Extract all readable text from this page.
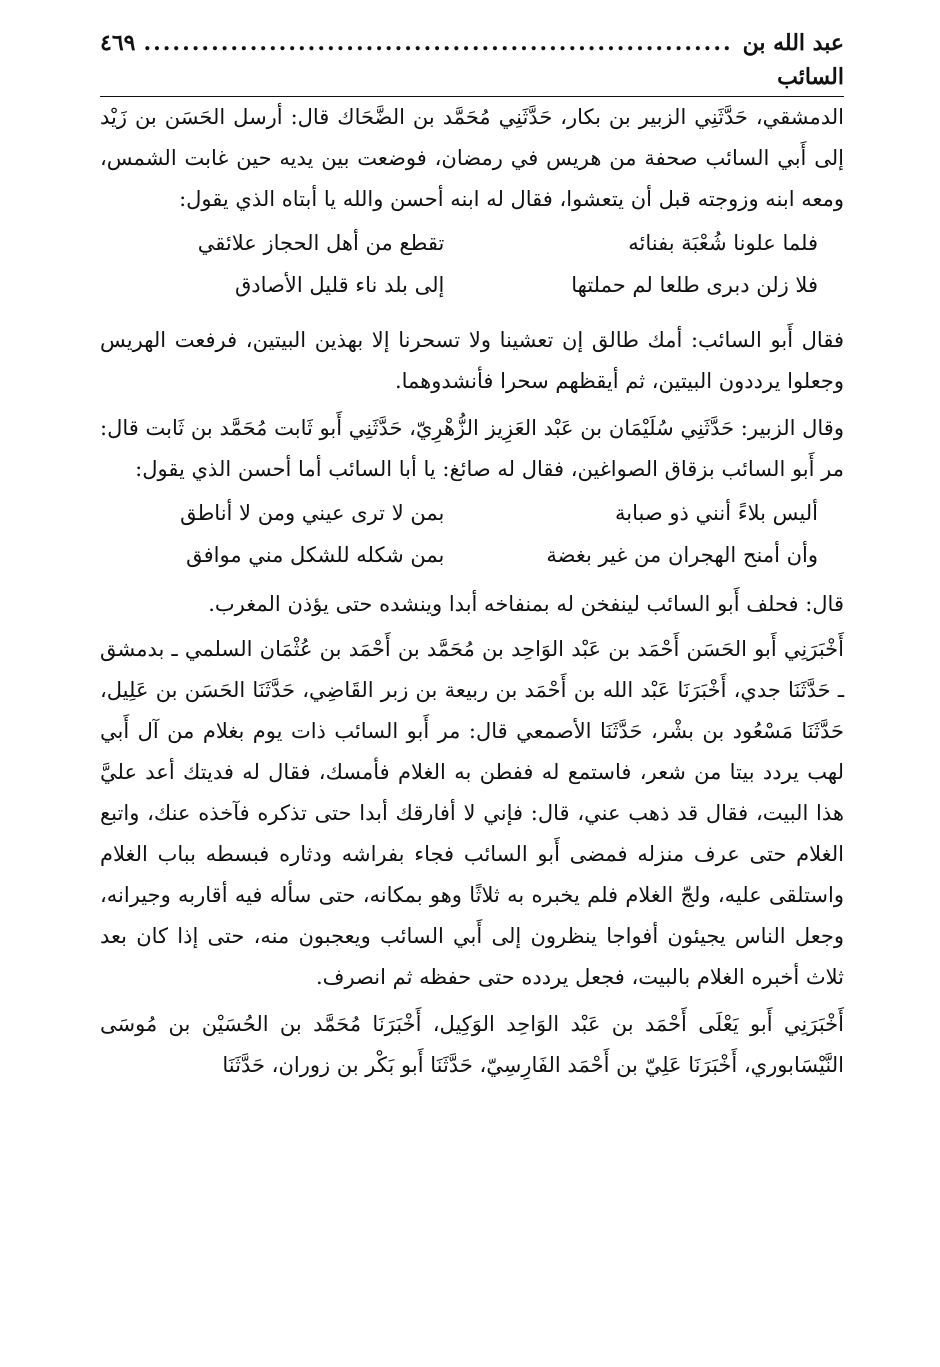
عبد الله بن السائب
.............................................................
٤٦٩

الدمشقي، حَدَّثَنِي الزبير بن بكار، حَدَّثَنِي مُحَمَّد بن الضَّحَاك قال: أرسل الحَسَن بن زَيْد إلى أَبي السائب صحفة من هريس في رمضان، فوضعت بين يديه حين غابت الشمس، ومعه ابنه وزوجته قبل أن يتعشوا، فقال له ابنه أحسن والله يا أبتاه الذي يقول:

فلما علونا شُعْبَة بفنائه
تقطع من أهل الحجاز علائقي
فلا زلن دبرى طلعا لم حملتها
إلى بلد ناء قليل الأصادق

فقال أَبو السائب: أمك طالق إن تعشينا ولا تسحرنا إلا بهذين البيتين، فرفعت الهريس وجعلوا يرددون البيتين، ثم أيقظهم سحرا فأنشدوهما.

وقال الزبير: حَدَّثَنِي سُلَيْمَان بن عَبْد العَزِيز الزُّهْرِيّ، حَدَّثَنِي أَبو ثَابت مُحَمَّد بن ثَابت قال: مر أَبو السائب بزقاق الصواغين، فقال له صائغ: يا أبا السائب أما أحسن الذي يقول:

أليس بلاءً أنني ذو صبابة
بمن لا ترى عيني ومن لا أناطق
وأن أمنح الهجران من غير بغضة
بمن شكله للشكل مني موافق

قال: فحلف أَبو السائب لينفخن له بمنفاخه أبدا وينشده حتى يؤذن المغرب.

أَخْبَرَنِي أَبو الحَسَن أَحْمَد بن عَبْد الوَاحِد بن مُحَمَّد بن أَحْمَد بن عُثْمَان السلمي ـ بدمشق ـ حَدَّثَنَا جدي، أَخْبَرَنَا عَبْد الله بن أَحْمَد بن ربيعة بن زبر القَاضِي، حَدَّثَنَا الحَسَن بن عَلِيل، حَدَّثَنَا مَسْعُود بن بشْر، حَدَّثَنَا الأصمعي قال: مر أَبو السائب ذات يوم بغلام من آل أَبي لهب يردد بيتا من شعر، فاستمع له ففطن به الغلام فأمسك، فقال له فديتك أعد عليَّ هذا البيت، فقال قد ذهب عني، قال: فإني لا أفارقك أبدا حتى تذكره فآخذه عنك، واتبع الغلام حتى عرف منزله فمضى أَبو السائب فجاء بفراشه ودثاره فبسطه بباب الغلام واستلقى عليه، ولجّ الغلام فلم يخبره به ثلاثًا وهو بمكانه، حتى سأله فيه أقاربه وجيرانه، وجعل الناس يجيئون أفواجا ينظرون إلى أَبي السائب ويعجبون منه، حتى إذا كان بعد ثلاث أخبره الغلام بالبيت، فجعل يردده حتى حفظه ثم انصرف.

أَخْبَرَنِي أَبو يَعْلَى أَحْمَد بن عَبْد الوَاحِد الوَكِيل، أَخْبَرَنَا مُحَمَّد بن الحُسَيْن بن مُوسَى النَّيْسَابوري، أَخْبَرَنَا عَلِيّ بن أَحْمَد الفَارِسِيّ، حَدَّثَنَا أَبو بَكْر بن زوران، حَدَّثَنَا
